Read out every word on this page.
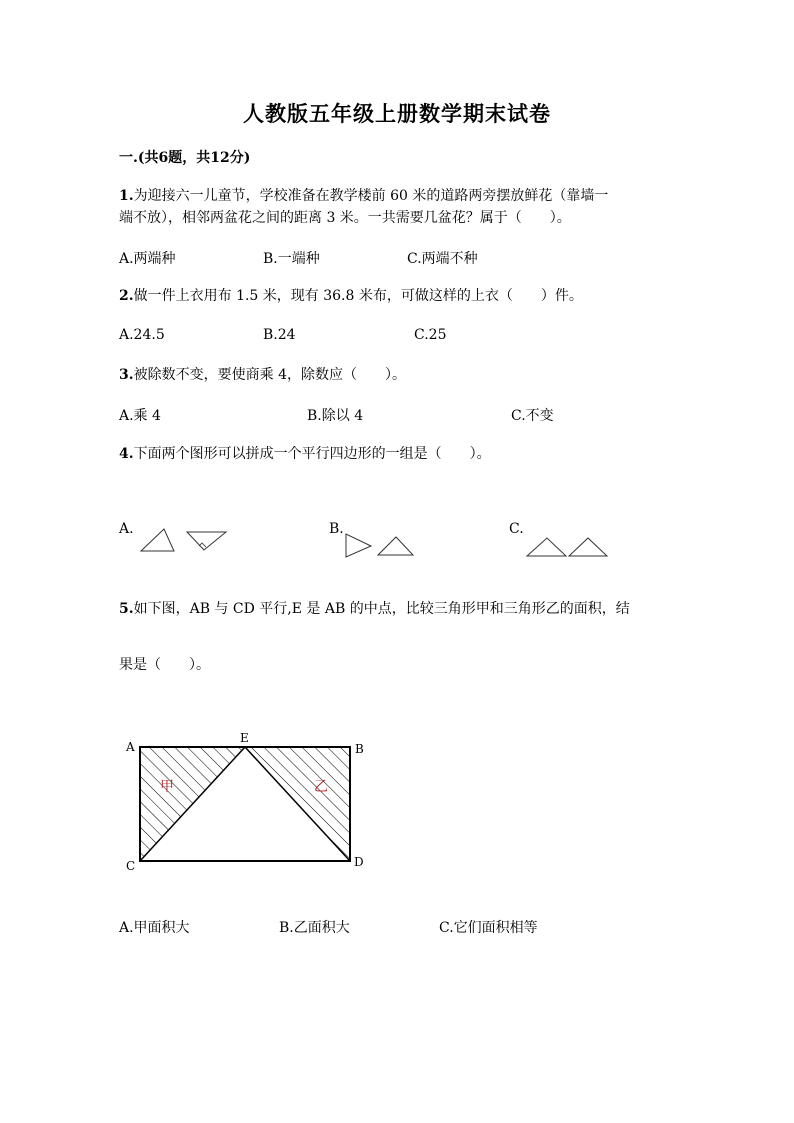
人教版五年级上册数学期末试卷
一.(共6题，共12分)
1.为迎接六一儿童节，学校准备在教学楼前 60 米的道路两旁摆放鲜花（靠墙一
端不放），相邻两盆花之间的距离 3 米。一共需要几盆花？属于（　　）。
A.两端种	B.一端种	C.两端不种
2.做一件上衣用布 1.5 米，现有 36.8 米布，可做这样的上衣（　　）件。
A.24.5	B.24	C.25
3.被除数不变，要使商乘 4，除数应（　　）。
A.乘 4	B.除以 4	C.不变
4.下面两个图形可以拼成一个平行四边形的一组是（　　）。
A.	B.	C.
5.如下图，AB 与 CD 平行,E 是 AB 的中点，比较三角形甲和三角形乙的面积，结
果是（　　）。
A
E
B
C	D
甲	乙
A.甲面积大	B.乙面积大	C.它们面积相等
